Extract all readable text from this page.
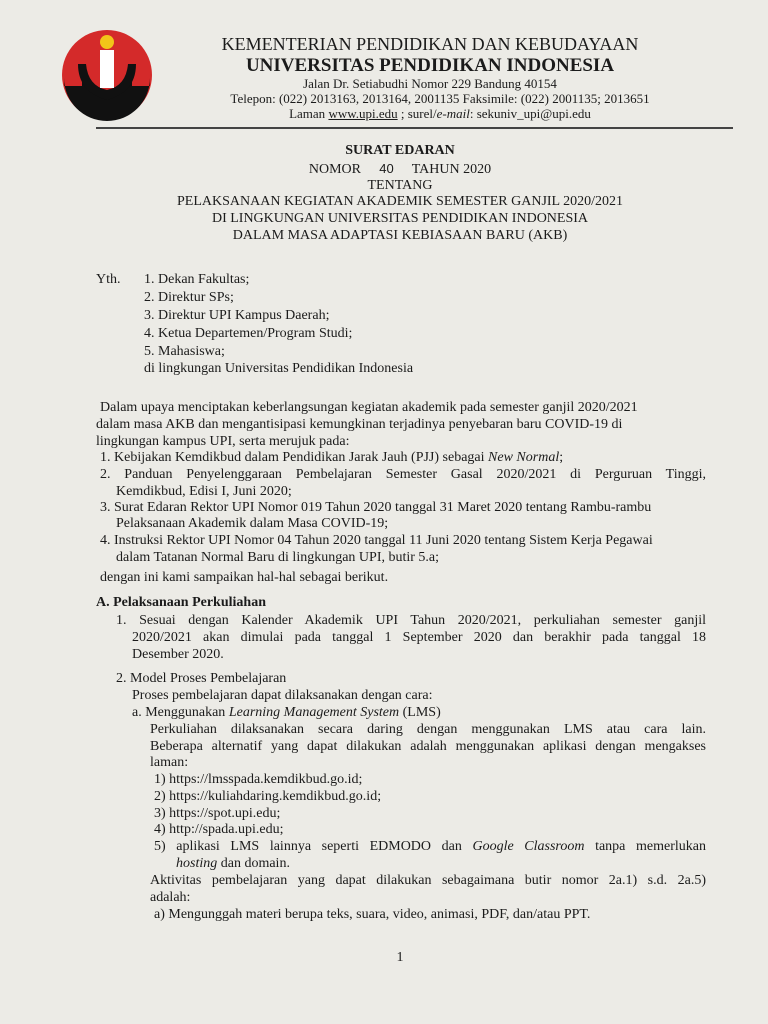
KEMENTERIAN PENDIDIKAN DAN KEBUDAYAAN
UNIVERSITAS PENDIDIKAN INDONESIA
Jalan Dr. Setiabudhi Nomor 229 Bandung 40154
Telepon: (022) 2013163, 2013164, 2001135 Faksimile: (022) 2001135; 2013651
Laman www.upi.edu ; surel/e-mail: sekuniv_upi@upi.edu
SURAT EDARAN
NOMOR 40 TAHUN 2020
TENTANG
PELAKSANAAN KEGIATAN AKADEMIK SEMESTER GANJIL 2020/2021
DI LINGKUNGAN UNIVERSITAS PENDIDIKAN INDONESIA
DALAM MASA ADAPTASI KEBIASAAN BARU (AKB)
Yth. 1. Dekan Fakultas;
2. Direktur SPs;
3. Direktur UPI Kampus Daerah;
4. Ketua Departemen/Program Studi;
5. Mahasiswa;
di lingkungan Universitas Pendidikan Indonesia
Dalam upaya menciptakan keberlangsungan kegiatan akademik pada semester ganjil 2020/2021
dalam masa AKB dan mengantisipasi kemungkinan terjadinya penyebaran baru COVID-19 di
lingkungan kampus UPI, serta merujuk pada:
1. Kebijakan Kemdikbud dalam Pendidikan Jarak Jauh (PJJ) sebagai New Normal;
2. Panduan Penyelenggaraan Pembelajaran Semester Gasal 2020/2021 di Perguruan Tinggi,
Kemdikbud, Edisi I, Juni 2020;
3. Surat Edaran Rektor UPI Nomor 019 Tahun 2020 tanggal 31 Maret 2020 tentang Rambu-rambu
Pelaksanaan Akademik dalam Masa COVID-19;
4. Instruksi Rektor UPI Nomor 04 Tahun 2020 tanggal 11 Juni 2020 tentang Sistem Kerja Pegawai
dalam Tatanan Normal Baru di lingkungan UPI, butir 5.a;
dengan ini kami sampaikan hal-hal sebagai berikut.
A. Pelaksanaan Perkuliahan
1. Sesuai dengan Kalender Akademik UPI Tahun 2020/2021, perkuliahan semester ganjil
2020/2021 akan dimulai pada tanggal 1 September 2020 dan berakhir pada tanggal 18
Desember 2020.
2. Model Proses Pembelajaran
Proses pembelajaran dapat dilaksanakan dengan cara:
a. Menggunakan Learning Management System (LMS)
Perkuliahan dilaksanakan secara daring dengan menggunakan LMS atau cara lain.
Beberapa alternatif yang dapat dilakukan adalah menggunakan aplikasi dengan mengakses
laman:
1) https://lmsspada.kemdikbud.go.id;
2) https://kuliahdaring.kemdikbud.go.id;
3) https://spot.upi.edu;
4) http://spada.upi.edu;
5) aplikasi LMS lainnya seperti EDMODO dan Google Classroom tanpa memerlukan
hosting dan domain.
Aktivitas pembelajaran yang dapat dilakukan sebagaimana butir nomor 2a.1) s.d. 2a.5)
adalah:
a) Mengunggah materi berupa teks, suara, video, animasi, PDF, dan/atau PPT.
1
